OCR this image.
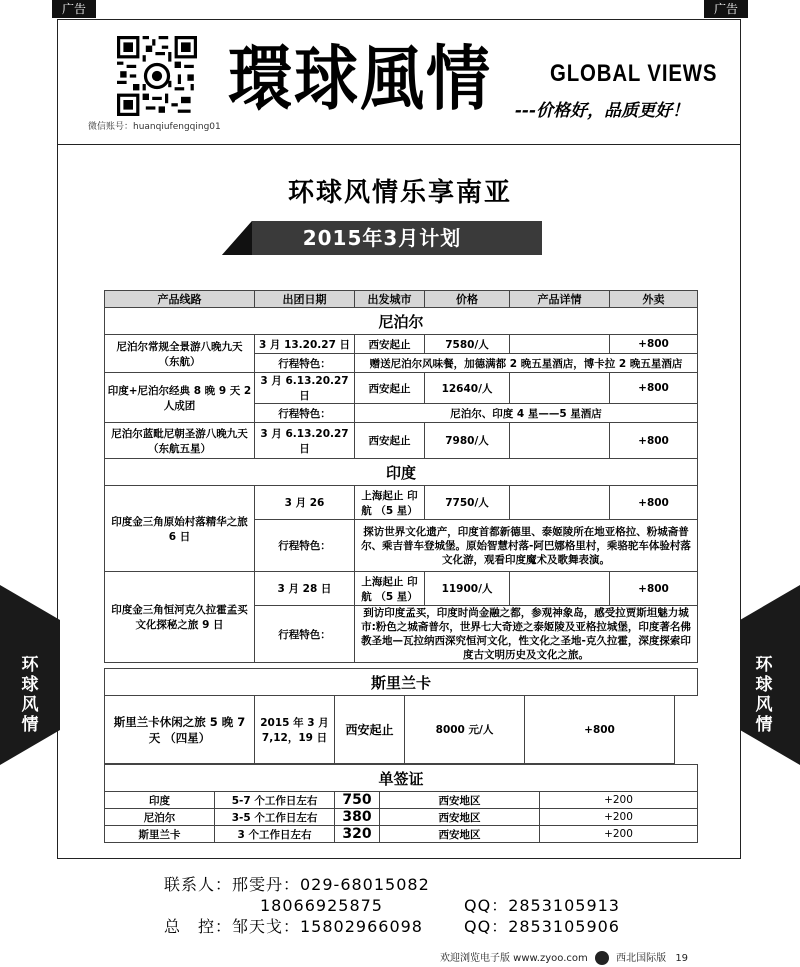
广告	广告
微信账号：huanqiufengqing01
環球風情 GLOBAL VIEWS
---价格好，品质更好！
环球风情乐享南亚
2015年3月计划
环
球
风
情
环
球
风
情
产品线路	出团日期	出发城市	价格	产品详情	外卖
尼泊尔					
尼泊尔常规全景游八晚九天（东航）	3 月 13.20.27 日	西安起止	7580/人		+800
	行程特色：	赠送尼泊尔风味餐，加德满都 2 晚五星酒店，博卡拉 2 晚五星酒店			
印度+尼泊尔经典 8 晚 9 天 2 人成团	3 月 6.13.20.27 日	西安起止	12640/人		+800
	行程特色：	尼泊尔、印度 4 星——5 星酒店			
尼泊尔蓝毗尼朝圣游八晚九天（东航五星）	3 月 6.13.20.27 日	西安起止	7980/人		+800
印度					
印度金三角原始村落精华之旅 6 日	3 月 26	上海起止 印航 （5 星）	7750/人		+800
	行程特色：	探访世界文化遗产，印度首都新德里、泰姬陵所在地亚格拉、粉城斋普尔、乘吉普车登城堡。原始智慧村落-阿巴娜格里村，乘骆驼车体验村落文化游，观看印度魔术及歌舞表演。			
印度金三角恒河克久拉霍孟买文化探秘之旅 9 日	3 月 28 日	上海起止 印航 （5 星）	11900/人		+800
	行程特色：	到访印度孟买，印度时尚金融之都，参观神象岛，感受拉贾斯坦魅力城市:粉色之城斋普尔，世界七大奇迹之泰姬陵及亚格拉城堡，印度著名佛教圣地—瓦拉纳西深究恒河文化，性文化之圣地-克久拉霍，深度探索印度古文明历史及文化之旅。			
斯里兰卡
斯里兰卡休闲之旅 5 晚 7 天 （四星）	2015 年 3 月 7,12，19 日	西安起止	8000 元/人	+800	
单签证				
印度	5-7 个工作日左右	750	西安地区	+200
尼泊尔	3-5 个工作日左右	380	西安地区	+200
斯里兰卡	3 个工作日左右	320	西安地区	+200
联系人：邢雯丹：029-68015082
18066925875	QQ：2853105913
总　控：邹天戈：15802966098	QQ：2853105906
欢迎浏览电子版 www.zyoo.com	西北国际版 19
